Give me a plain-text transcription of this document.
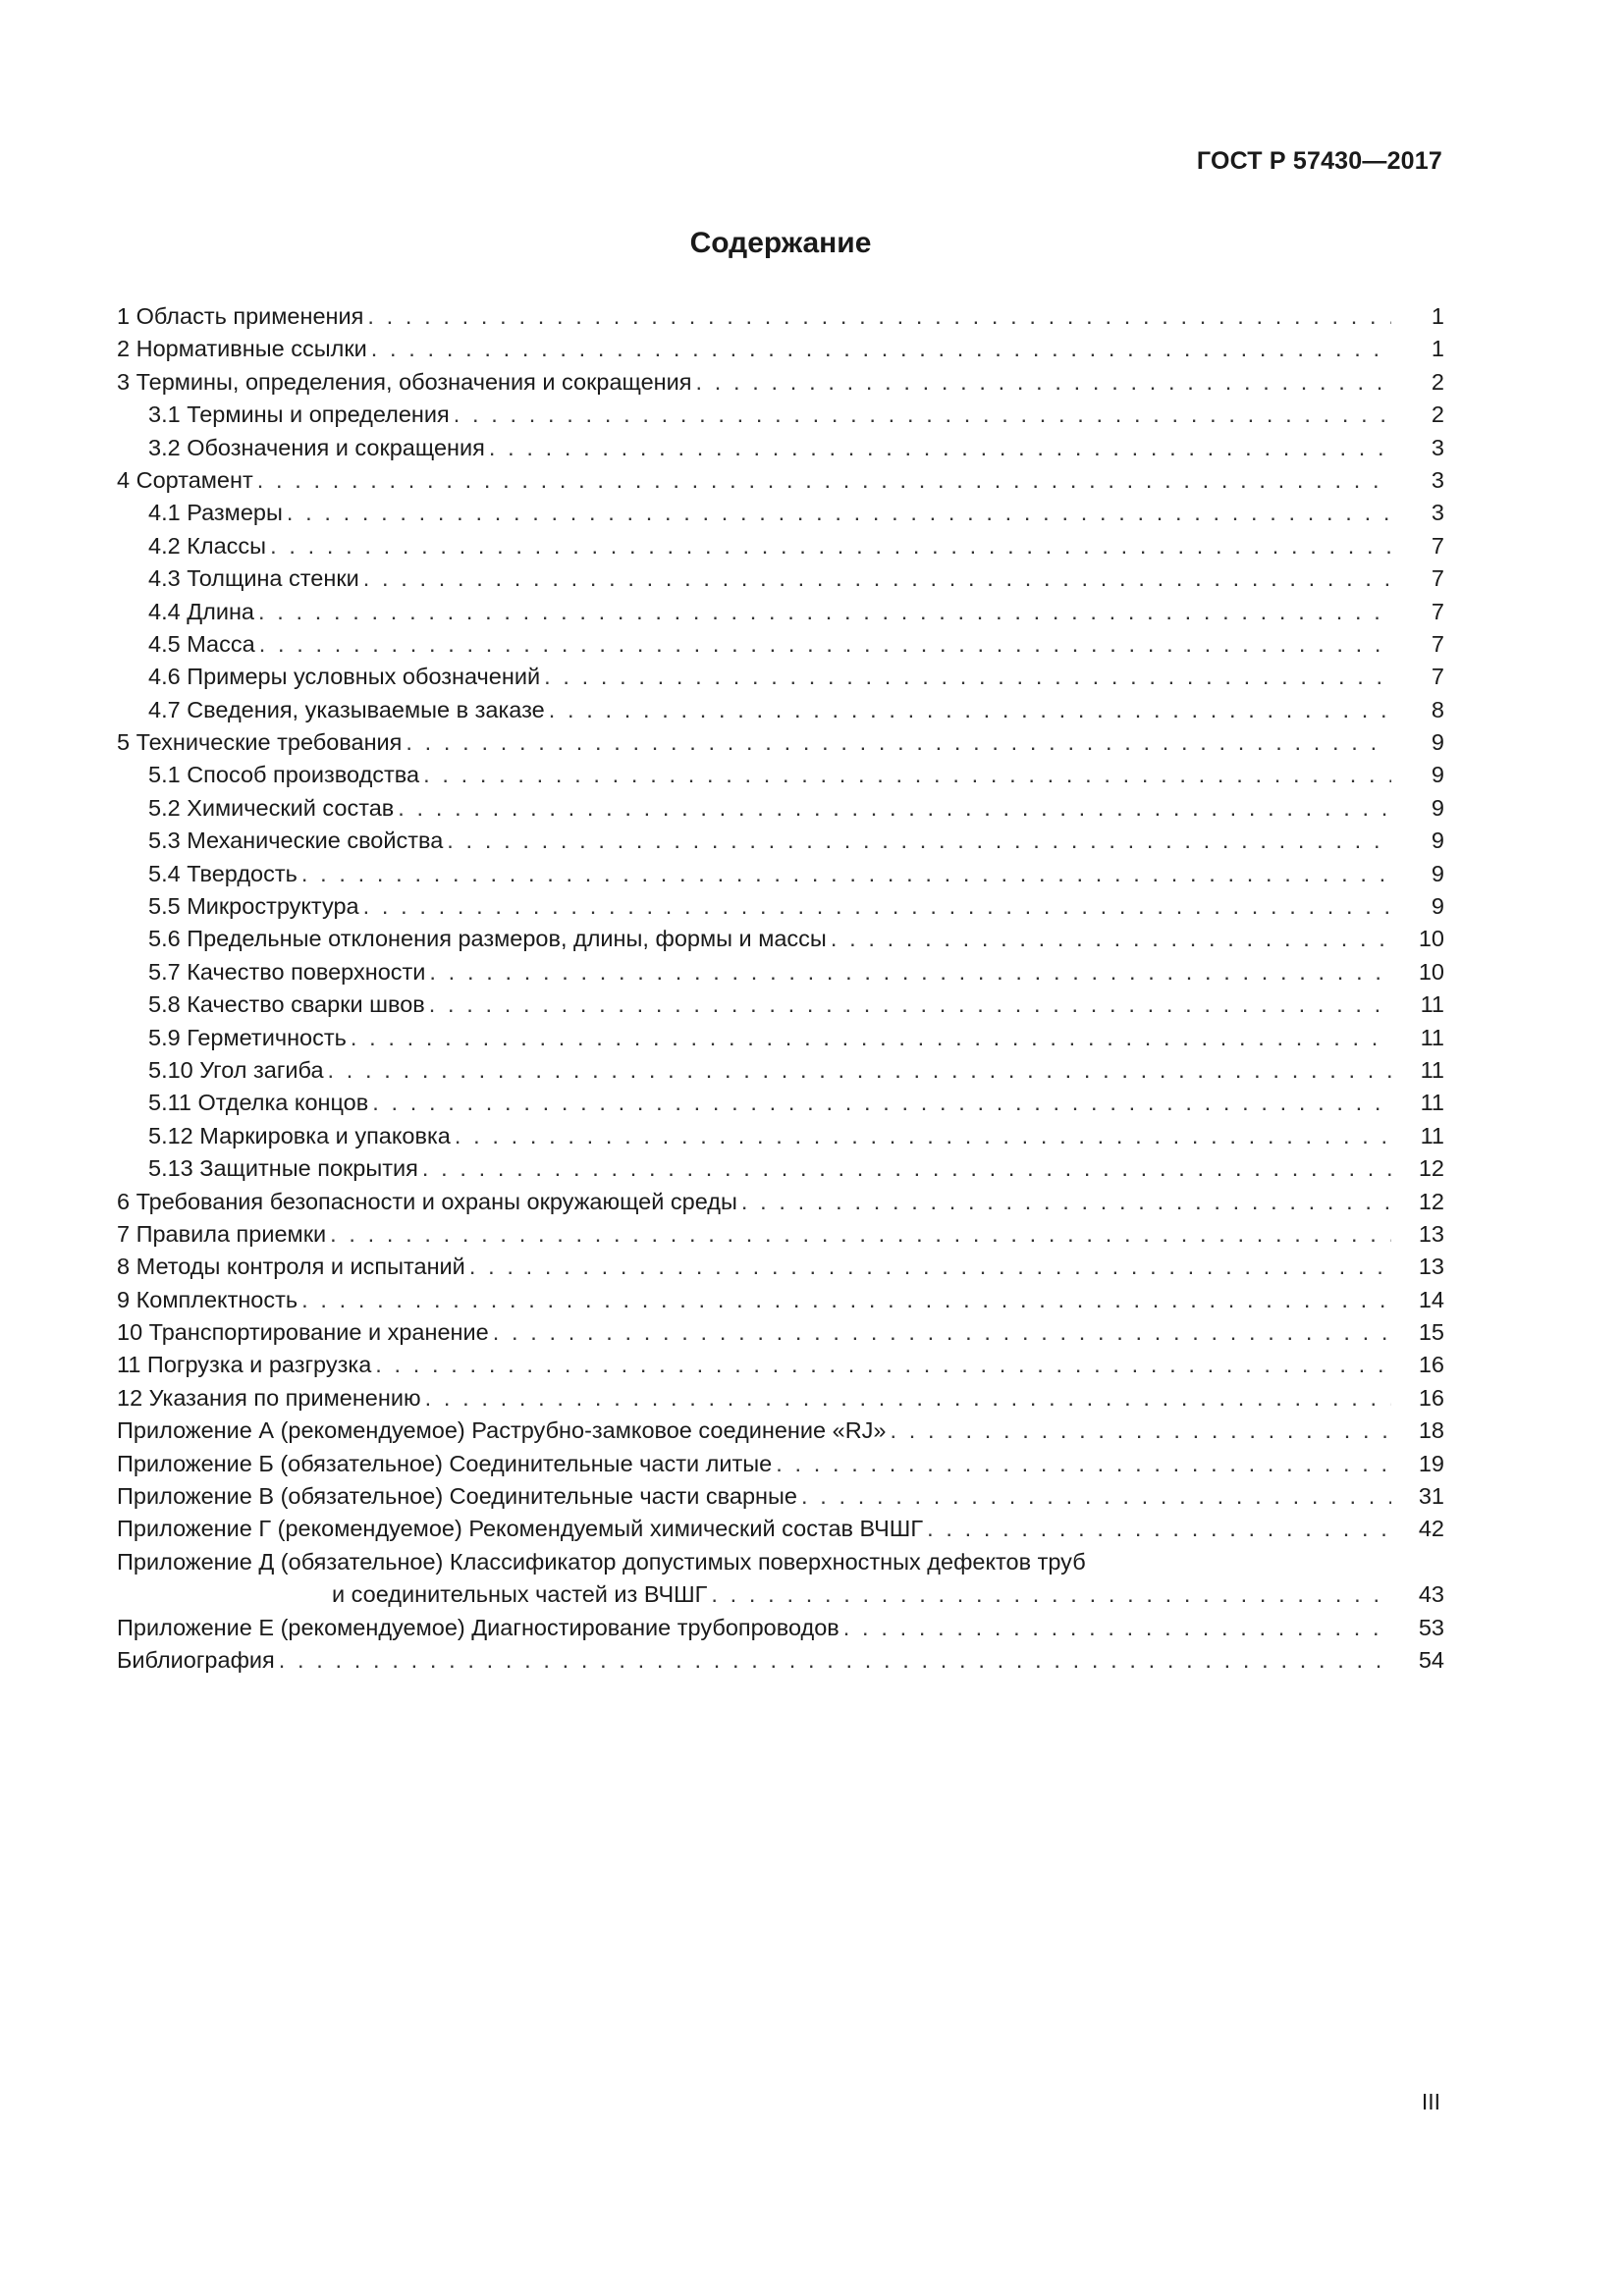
ГОСТ Р 57430—2017
Содержание
1 Область применения . . .	1
2 Нормативные ссылки . . .	1
3 Термины, определения, обозначения и сокращения . . .	2
3.1 Термины и определения . . .	2
3.2 Обозначения и сокращения . . .	3
4 Сортамент . . .	3
4.1 Размеры . . .	3
4.2 Классы . . .	7
4.3 Толщина стенки . . .	7
4.4 Длина . . .	7
4.5 Масса . . .	7
4.6 Примеры условных обозначений . . .	7
4.7 Сведения, указываемые в заказе . . .	8
5 Технические требования . . .	9
5.1 Способ производства . . .	9
5.2 Химический состав . . .	9
5.3 Механические свойства . . .	9
5.4 Твердость . . .	9
5.5 Микроструктура . . .	9
5.6 Предельные отклонения размеров, длины, формы и массы . . .	10
5.7 Качество поверхности . . .	10
5.8 Качество сварки швов . . .	11
5.9 Герметичность . . .	11
5.10 Угол загиба . . .	11
5.11 Отделка концов . . .	11
5.12 Маркировка и упаковка . . .	11
5.13 Защитные покрытия . . .	12
6 Требования безопасности и охраны окружающей среды . . .	12
7 Правила приемки . . .	13
8 Методы контроля и испытаний . . .	13
9 Комплектность . . .	14
10 Транспортирование и хранение . . .	15
11 Погрузка и разгрузка . . .	16
12 Указания по применению . . .	16
Приложение А (рекомендуемое) Раструбно-замковое соединение «RJ» . . .	18
Приложение Б (обязательное) Соединительные части литые . . .	19
Приложение В (обязательное) Соединительные части сварные . . .	31
Приложение Г (рекомендуемое) Рекомендуемый химический состав ВЧШГ . . .	42
Приложение Д (обязательное) Классификатор допустимых поверхностных дефектов труб
и соединительных частей из ВЧШГ . . .	43
Приложение Е (рекомендуемое) Диагностирование трубопроводов . . .	53
Библиография . . .	54
III
